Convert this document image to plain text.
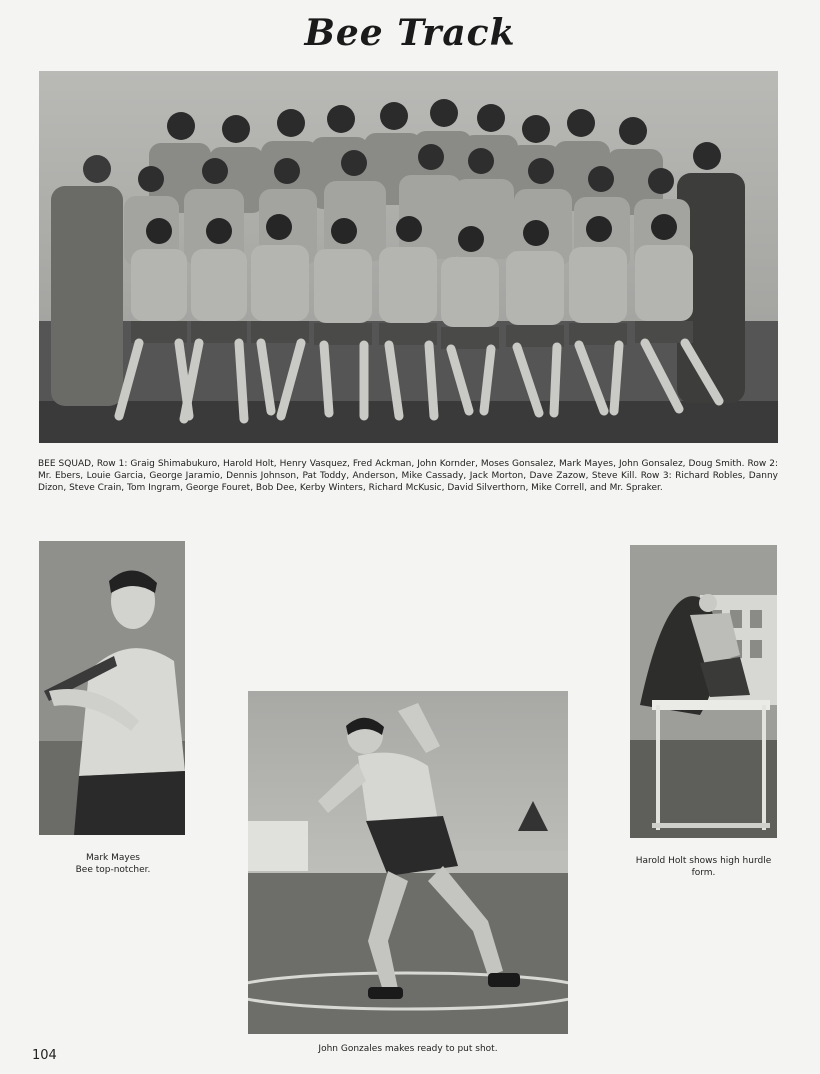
Bee Track
BEE SQUAD, Row 1: Graig Shimabukuro, Harold Holt, Henry Vasquez, Fred Ackman, John Kornder, Moses Gonsalez, Mark Mayes, John Gonsalez, Doug Smith. Row 2: Mr. Ebers, Louie Garcia, George Jaramio, Dennis Johnson, Pat Toddy, Anderson, Mike Cassady, Jack Morton, Dave Zazow, Steve Kill. Row 3: Richard Robles, Danny Dizon, Steve Crain, Tom Ingram, George Fouret, Bob Dee, Kerby Winters, Richard McKusic, David Silverthorn, Mike Correll, and Mr. Spraker.
Mark Mayes
Bee top-notcher.
John Gonzales makes ready to put shot.
Harold Holt shows high hurdle form.
104
